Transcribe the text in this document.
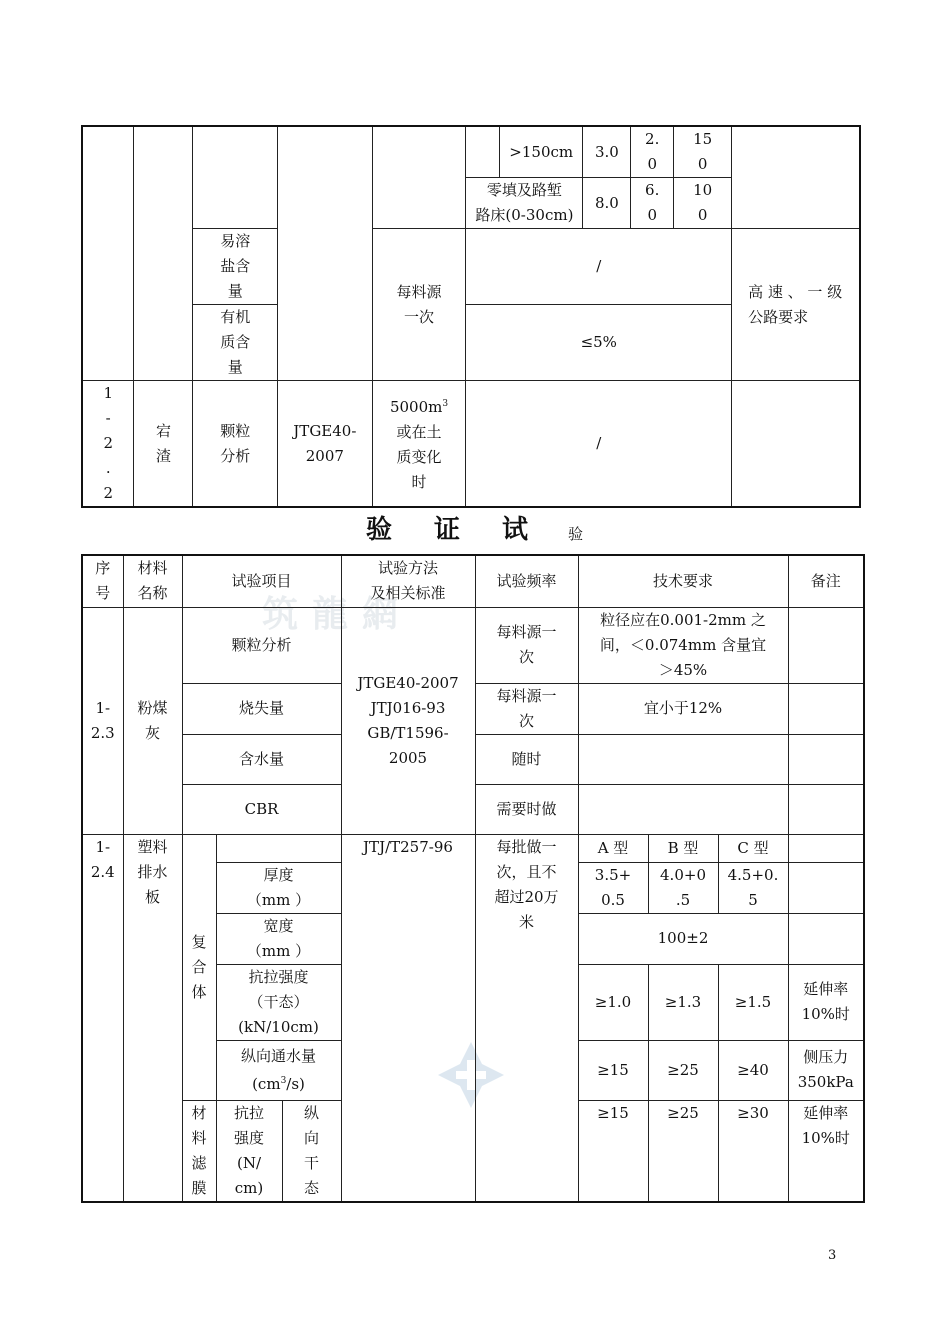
筑龍網
						>150cm	3.0	2.
0	15
0	
					零填及路堑
路床(0-30cm)		8.0	6.
0	10
0	
		易溶
盐含
量		每料源
一次	/					高 速 、 一 级
公路要求
		有机
质含
量			≤5%					
1
-
2
.
2	宕
渣	颗粒
分析	JTGE40-
2007	$5000m^3$
或在土
质变化
时	/					
验 证 试	验
序
号	材料
名称	试验项目			试验方法
及相关标准	试验频率	技术要求			备注
1-
2.3	粉煤
灰	颗粒分析			JTGE40-2007
JTJ016-93
GB/T1596-
2005	每料源一
次	粒径应在0.001-2mm 之
间，＜0.074mm 含量宜
＞45%			
		烧失量				每料源一
次	宜小于12%			
		含水量				随时				
		CBR				需要时做				
1-
2.4	塑料
排水
板	复
合
体			JTJ/T257-96	每批做一
次，且不
超过20万
米	A 型	B 型	C 型	
			厚度
（mm ）				3.5+
0.5	4.0+0
.5	4.5+0.
5	
			宽度
（mm ）				100±2			
			抗拉强度
（干态）
(kN/10cm)				≥1.0	≥1.3	≥1.5	延伸率
10%时
			纵向通水量
$(cm^3/s)$				≥15	≥25	≥40	侧压力
350kPa

		材
料
滤
膜	抗拉
强度
(N/
cm)	纵
向
干
态			≥15	≥25	≥30	延伸率
10%时
3
